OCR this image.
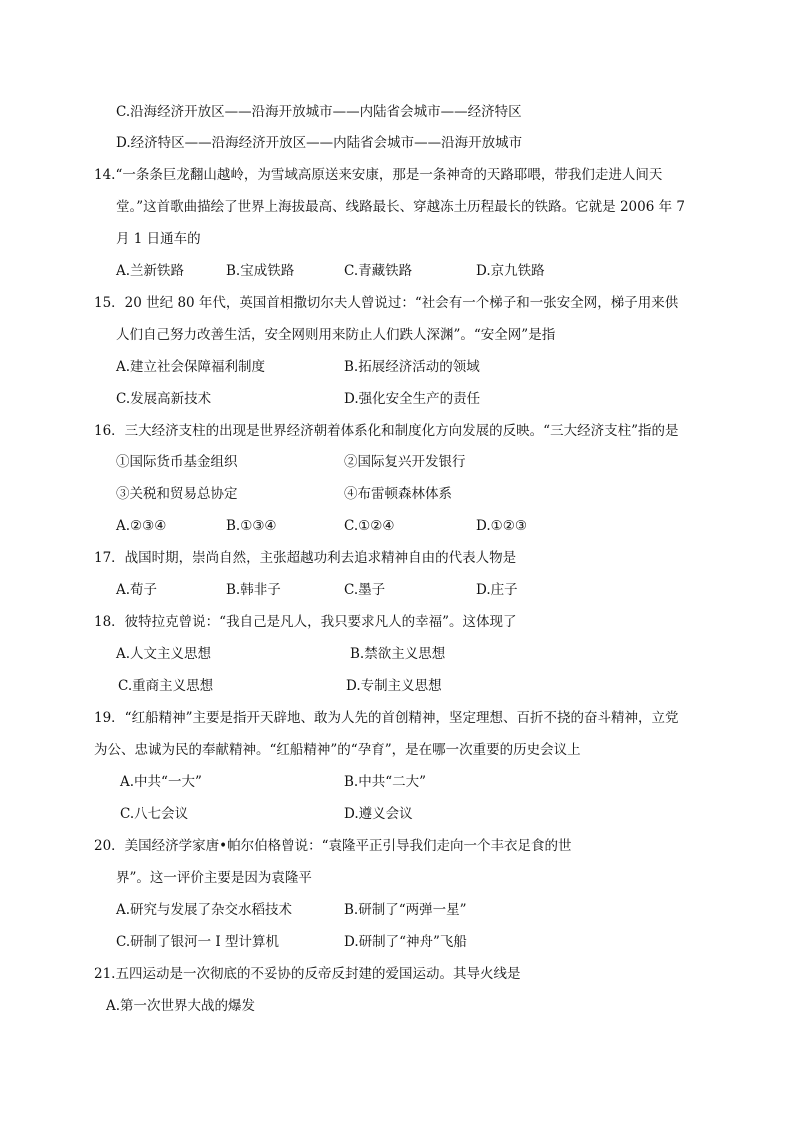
C.沿海经济开放区——沿海开放城市——内陆省会城市——经济特区
D.经济特区——沿海经济开放区——内陆省会城市——沿海开放城市
14.“一条条巨龙翻山越岭，为雪域高原送来安康，那是一条神奇的天路耶喂，带我们走进人间天
堂。”这首歌曲描绘了世界上海拔最高、线路最长、穿越冻土历程最长的铁路。它就是 2006 年 7
月 1 日通车的
A.兰新铁路	B.宝成铁路	C.青藏铁路	D.京九铁路
15．20 世纪 80 年代，英国首相撒切尔夫人曾说过：“社会有一个梯子和一张安全网，梯子用来供
人们自己努力改善生活，安全网则用来防止人们跌人深渊”。“安全网”是指
A.建立社会保障福利制度	B.拓展经济活动的领域
C.发展高新技术	D.强化安全生产的责任
16．三大经济支柱的出现是世界经济朝着体系化和制度化方向发展的反映。“三大经济支柱”指的是
①国际货币基金组织	②国际复兴开发银行
③关税和贸易总协定	④布雷顿森林体系
A.②③④	B.①③④	C.①②④	D.①②③
17．战国时期，崇尚自然，主张超越功利去追求精神自由的代表人物是
A.荀子	B.韩非子	C.墨子	D.庄子
18．彼特拉克曾说：“我自己是凡人，我只要求凡人的幸福”。这体现了
A.人文主义思想	B.禁欲主义思想
C.重商主义思想	D.专制主义思想
19．“红船精神”主要是指开天辟地、敢为人先的首创精神，坚定理想、百折不挠的奋斗精神，立党
为公、忠诚为民的奉献精神。“红船精神”的“孕育”，是在哪一次重要的历史会议上
A.中共“一大”	B.中共“二大”
C.八七会议	D.遵义会议
20．美国经济学家唐•帕尔伯格曾说：“袁隆平正引导我们走向一个丰衣足食的世
界”。这一评价主要是因为袁隆平
A.研究与发展了杂交水稻技术	B.研制了“两弹一星”
C.研制了银河一 I 型计算机	D.研制了“神舟”飞船
21.五四运动是一次彻底的不妥协的反帝反封建的爱国运动。其导火线是
A.第一次世界大战的爆发
